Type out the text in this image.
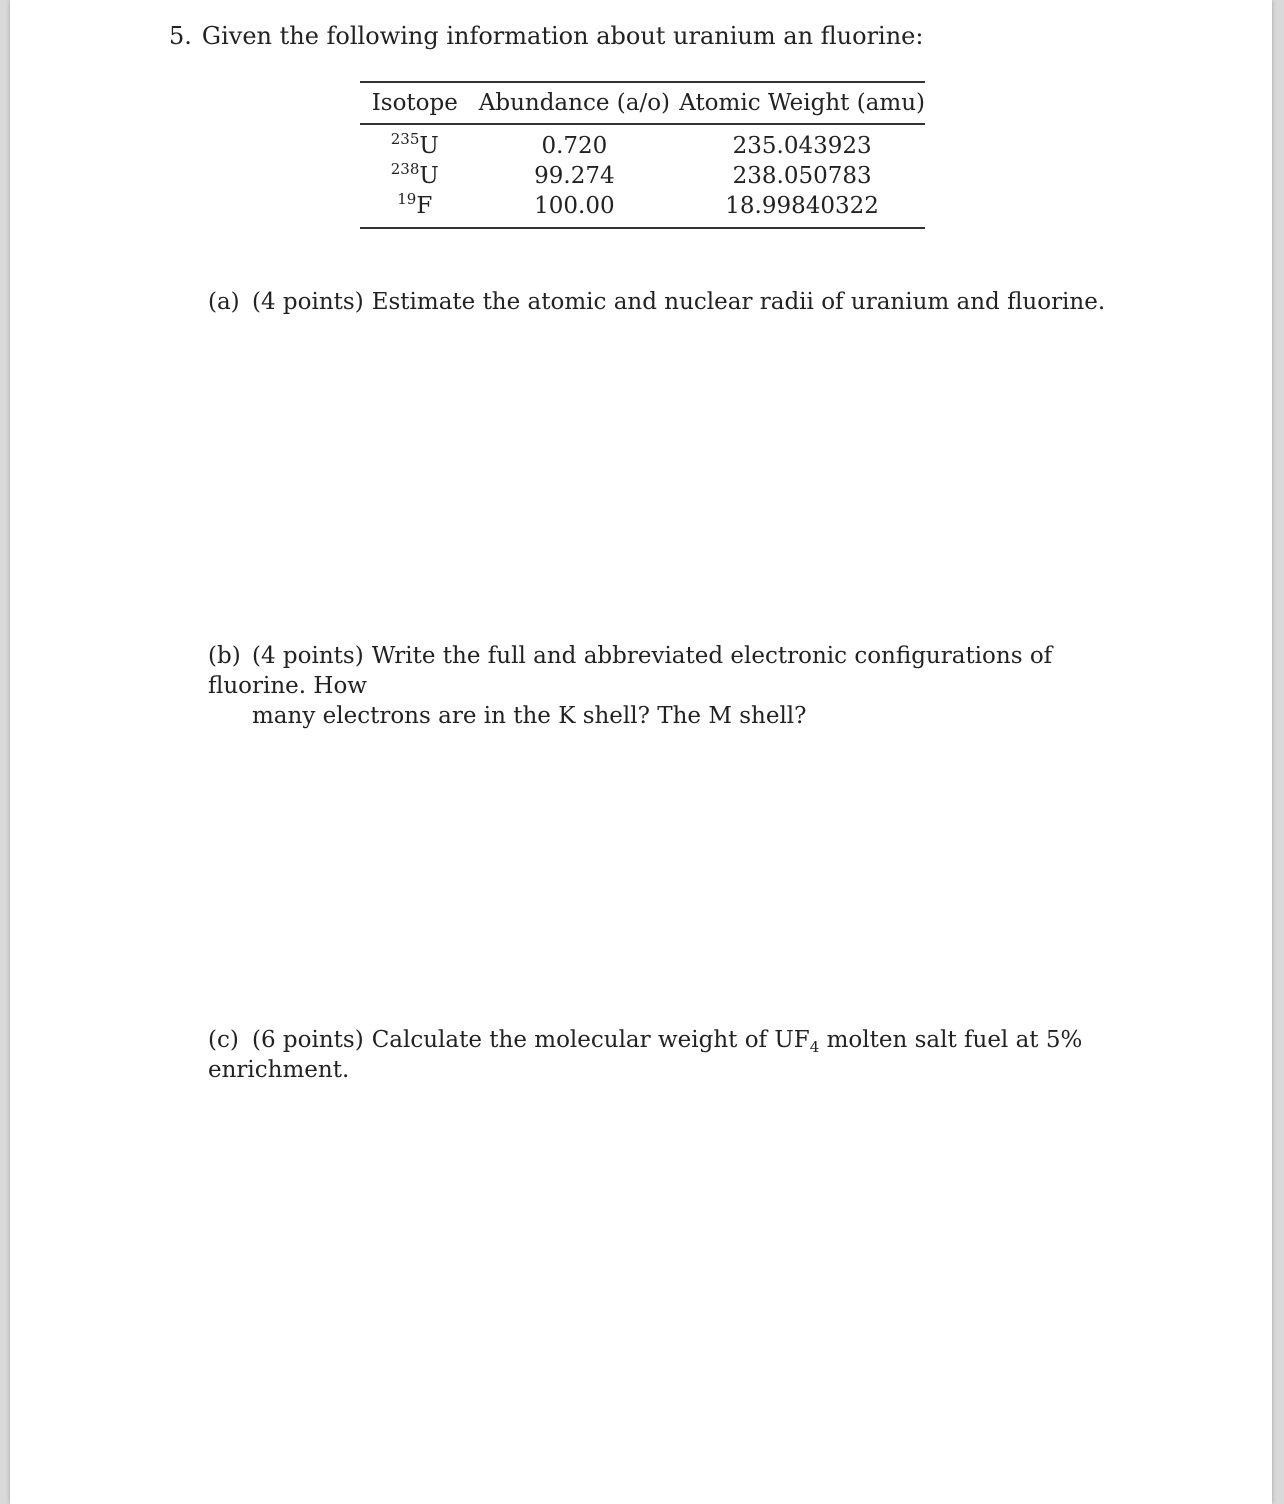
5. Given the following information about uranium an fluorine:
Isotope	Abundance (a/o)	Atomic Weight (amu)
$^{235}$U	0.720	235.043923
$^{238}$U	99.274	238.050783
$^{19}$F	100.00	18.99840322
(a) (4 points) Estimate the atomic and nuclear radii of uranium and fluorine.
(b) (4 points) Write the full and abbreviated electronic configurations of fluorine. How
many electrons are in the K shell? The M shell?
(c) (6 points) Calculate the molecular weight of $UF_4$ molten salt fuel at 5% enrichment.
